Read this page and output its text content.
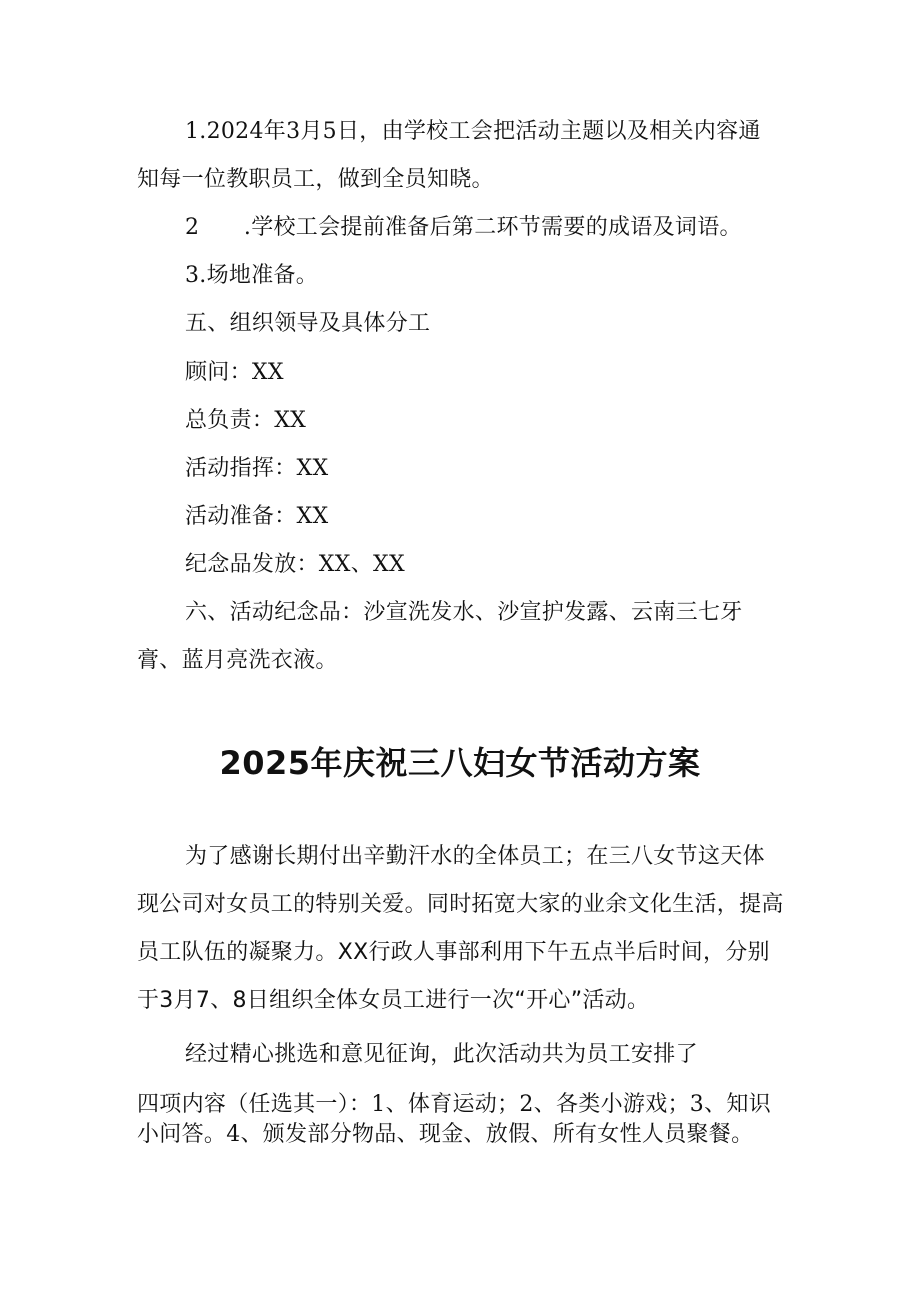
1.2024年3月5日，由学校工会把活动主题以及相关内容通
知每一位教职员工，做到全员知晓。

2　　.学校工会提前准备后第二环节需要的成语及词语。

3.场地准备。

五、组织领导及具体分工

顾问：XX

总负责：XX

活动指挥：XX

活动准备：XX

纪念品发放：XX、XX

六、活动纪念品：沙宣洗发水、沙宣护发露、云南三七牙
膏、蓝月亮洗衣液。

2025年庆祝三八妇女节活动方案

为了感谢长期付出辛勤汗水的全体员工；在三八女节这天体现公司对女员工的特别关爱。同时拓宽大家的业余文化生活，提高员工队伍的凝聚力。XX行政人事部利用下午五点半后时间，分别于3月7、8日组织全体女员工进行一次“开心”活动。

经过精心挑选和意见征询，此次活动共为员工安排了

四项内容（任选其一）：1、体育运动；2、各类小游戏；3、知识小问答。4、颁发部分物品、现金、放假、所有女性人员聚餐。
